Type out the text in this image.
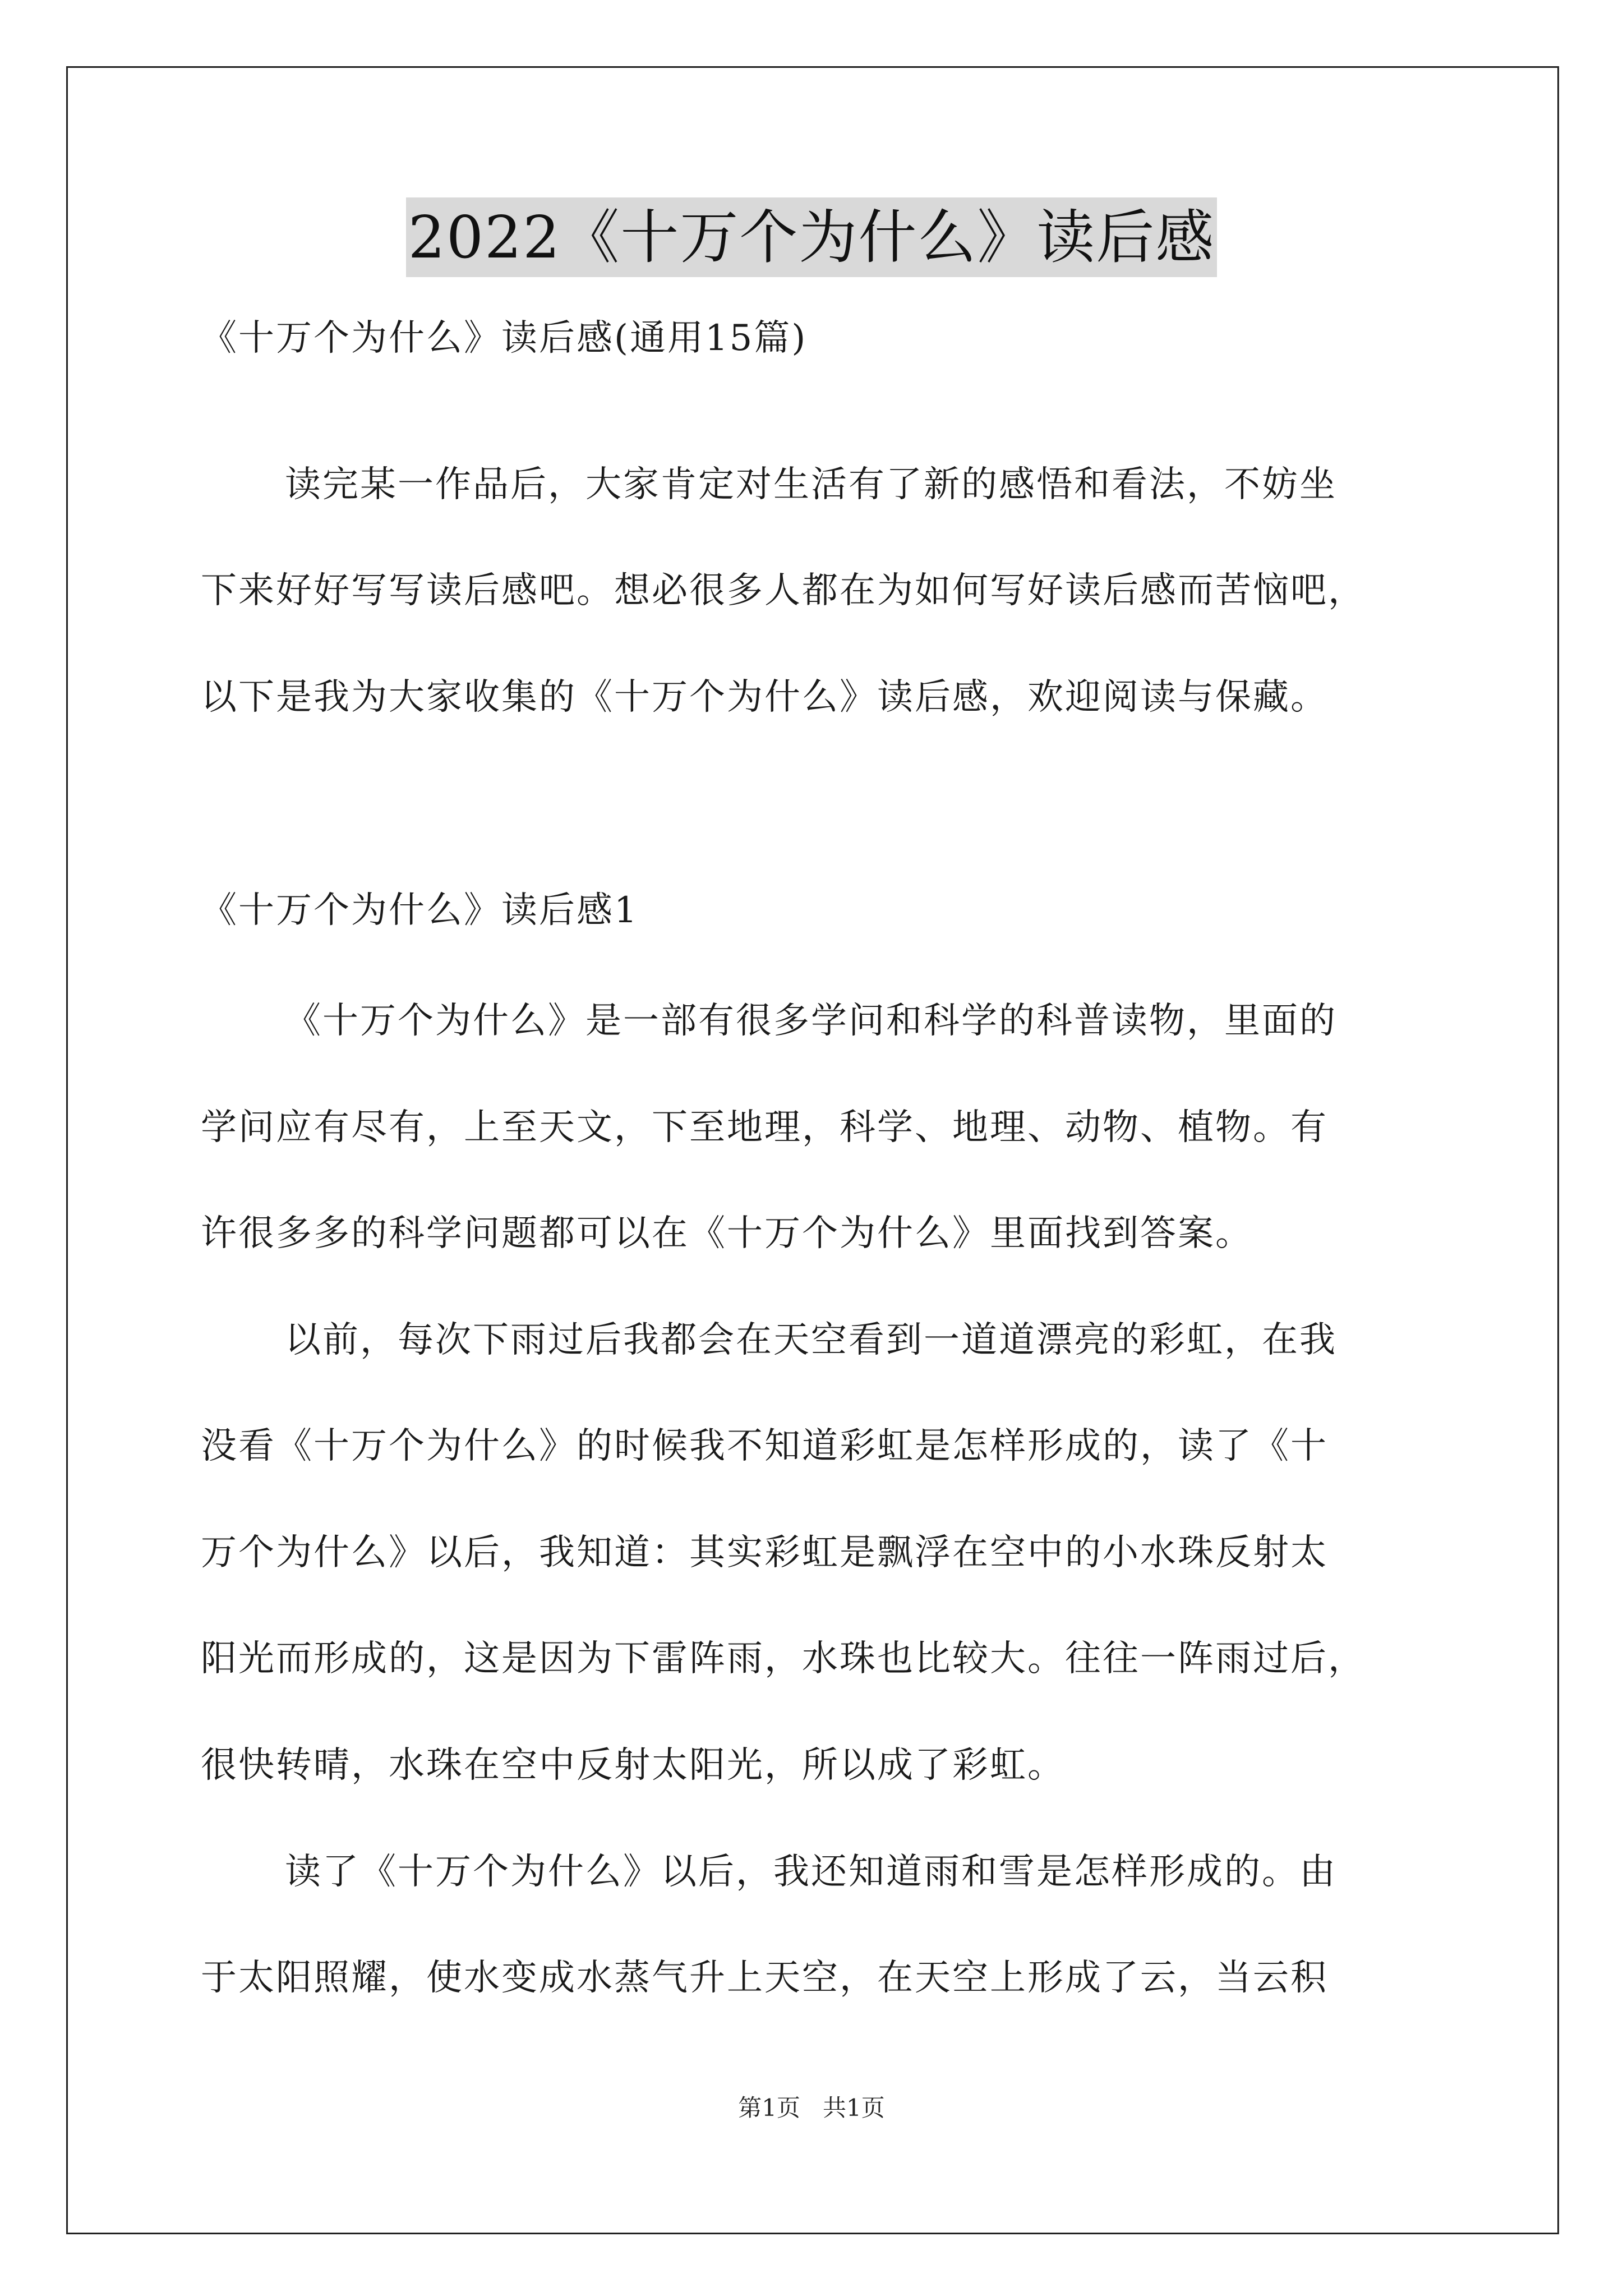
2022《十万个为什么》读后感
《十万个为什么》读后感(通用15篇)
读完某一作品后，大家肯定对生活有了新的感悟和看法，不妨坐
下来好好写写读后感吧。想必很多人都在为如何写好读后感而苦恼吧，
以下是我为大家收集的《十万个为什么》读后感，欢迎阅读与保藏。
《十万个为什么》读后感1
《十万个为什么》是一部有很多学问和科学的科普读物，里面的
学问应有尽有，上至天文，下至地理，科学、地理、动物、植物。有
许很多多的科学问题都可以在《十万个为什么》里面找到答案。
以前，每次下雨过后我都会在天空看到一道道漂亮的彩虹，在我
没看《十万个为什么》的时候我不知道彩虹是怎样形成的，读了《十
万个为什么》以后，我知道：其实彩虹是飘浮在空中的小水珠反射太
阳光而形成的，这是因为下雷阵雨，水珠也比较大。往往一阵雨过后，
很快转晴，水珠在空中反射太阳光，所以成了彩虹。
读了《十万个为什么》以后，我还知道雨和雪是怎样形成的。由
于太阳照耀，使水变成水蒸气升上天空，在天空上形成了云，当云积
第1页   共1页
